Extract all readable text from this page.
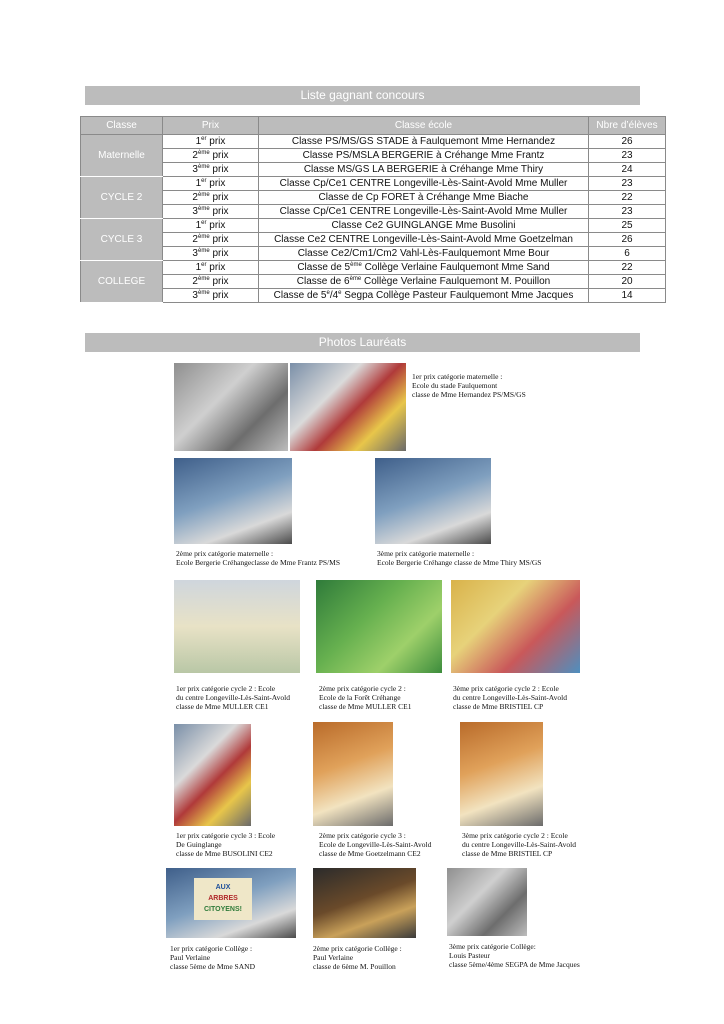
Liste gagnant concours
Classe	Prix	Classe école	Nbre d’élèves
Maternelle	1er prix	Classe PS/MS/GS STADE à Faulquemont Mme Hernandez	26
	2ème prix	Classe PS/MSLA BERGERIE à Créhange Mme Frantz	23
	3ème prix	Classe MS/GS LA BERGERIE à Créhange Mme Thiry	24
CYCLE 2	1er prix	Classe Cp/Ce1 CENTRE Longeville-Lès-Saint-Avold Mme Muller	23
	2ème prix	Classe de Cp FORET à Créhange Mme Biache	22
	3ème prix	Classe Cp/Ce1 CENTRE Longeville-Lès-Saint-Avold Mme Muller	23
CYCLE 3	1er prix	Classe Ce2 GUINGLANGE Mme Busolini	25
	2ème prix	Classe Ce2 CENTRE Longeville-Lès-Saint-Avold Mme Goetzelman	26
	3ème prix	Classe Ce2/Cm1/Cm2 Vahl-Lès-Faulquemont Mme Bour	6
COLLEGE	1er prix	Classe de 5ème Collège Verlaine Faulquemont Mme Sand	22
	2ème prix	Classe de 6ème Collège Verlaine Faulquemont M. Pouillon	20
	3ème prix	Classe de 5e/4e Segpa Collège Pasteur Faulquemont Mme Jacques	14
Photos Lauréats
1er prix catégorie maternelle :
Ecole du stade Faulquemont
classe de Mme Hernandez PS/MS/GS
2ème prix catégorie maternelle :
Ecole Bergerie Créhangeclasse de Mme Frantz PS/MS
3ème prix catégorie maternelle :
Ecole Bergerie Créhange classe de Mme Thiry MS/GS
1er prix catégorie cycle 2 : Ecole
du centre Longeville-Lès-Saint-Avold
classe de Mme MULLER CE1
2ème prix catégorie cycle 2 :
Ecole de la Forêt Créhange
classe de Mme MULLER CE1
3ème prix catégorie cycle 2 : Ecole
du centre Longeville-Lès-Saint-Avold
classe de Mme BRISTIEL CP
1er prix catégorie cycle 3 : Ecole
De Guinglange
classe de Mme BUSOLINI CE2
2ème prix catégorie cycle 3 :
Ecole de Longeville-Lès-Saint-Avold
classe de Mme Goetzelmann CE2
3ème prix catégorie cycle 2 : Ecole
du centre Longeville-Lès-Saint-Avold
classe de Mme BRISTIEL CP
AUX
ARBRES
CITOYENS!
1er prix catégorie Collège :
Paul Verlaine
classe 5ème de Mme SAND
2ème prix catégorie Collège :
Paul Verlaine
classe de 6ème M. Pouillon
3ème prix catégorie Collège:
Louis Pasteur
classe 5ème/4ème SEGPA de Mme Jacques
